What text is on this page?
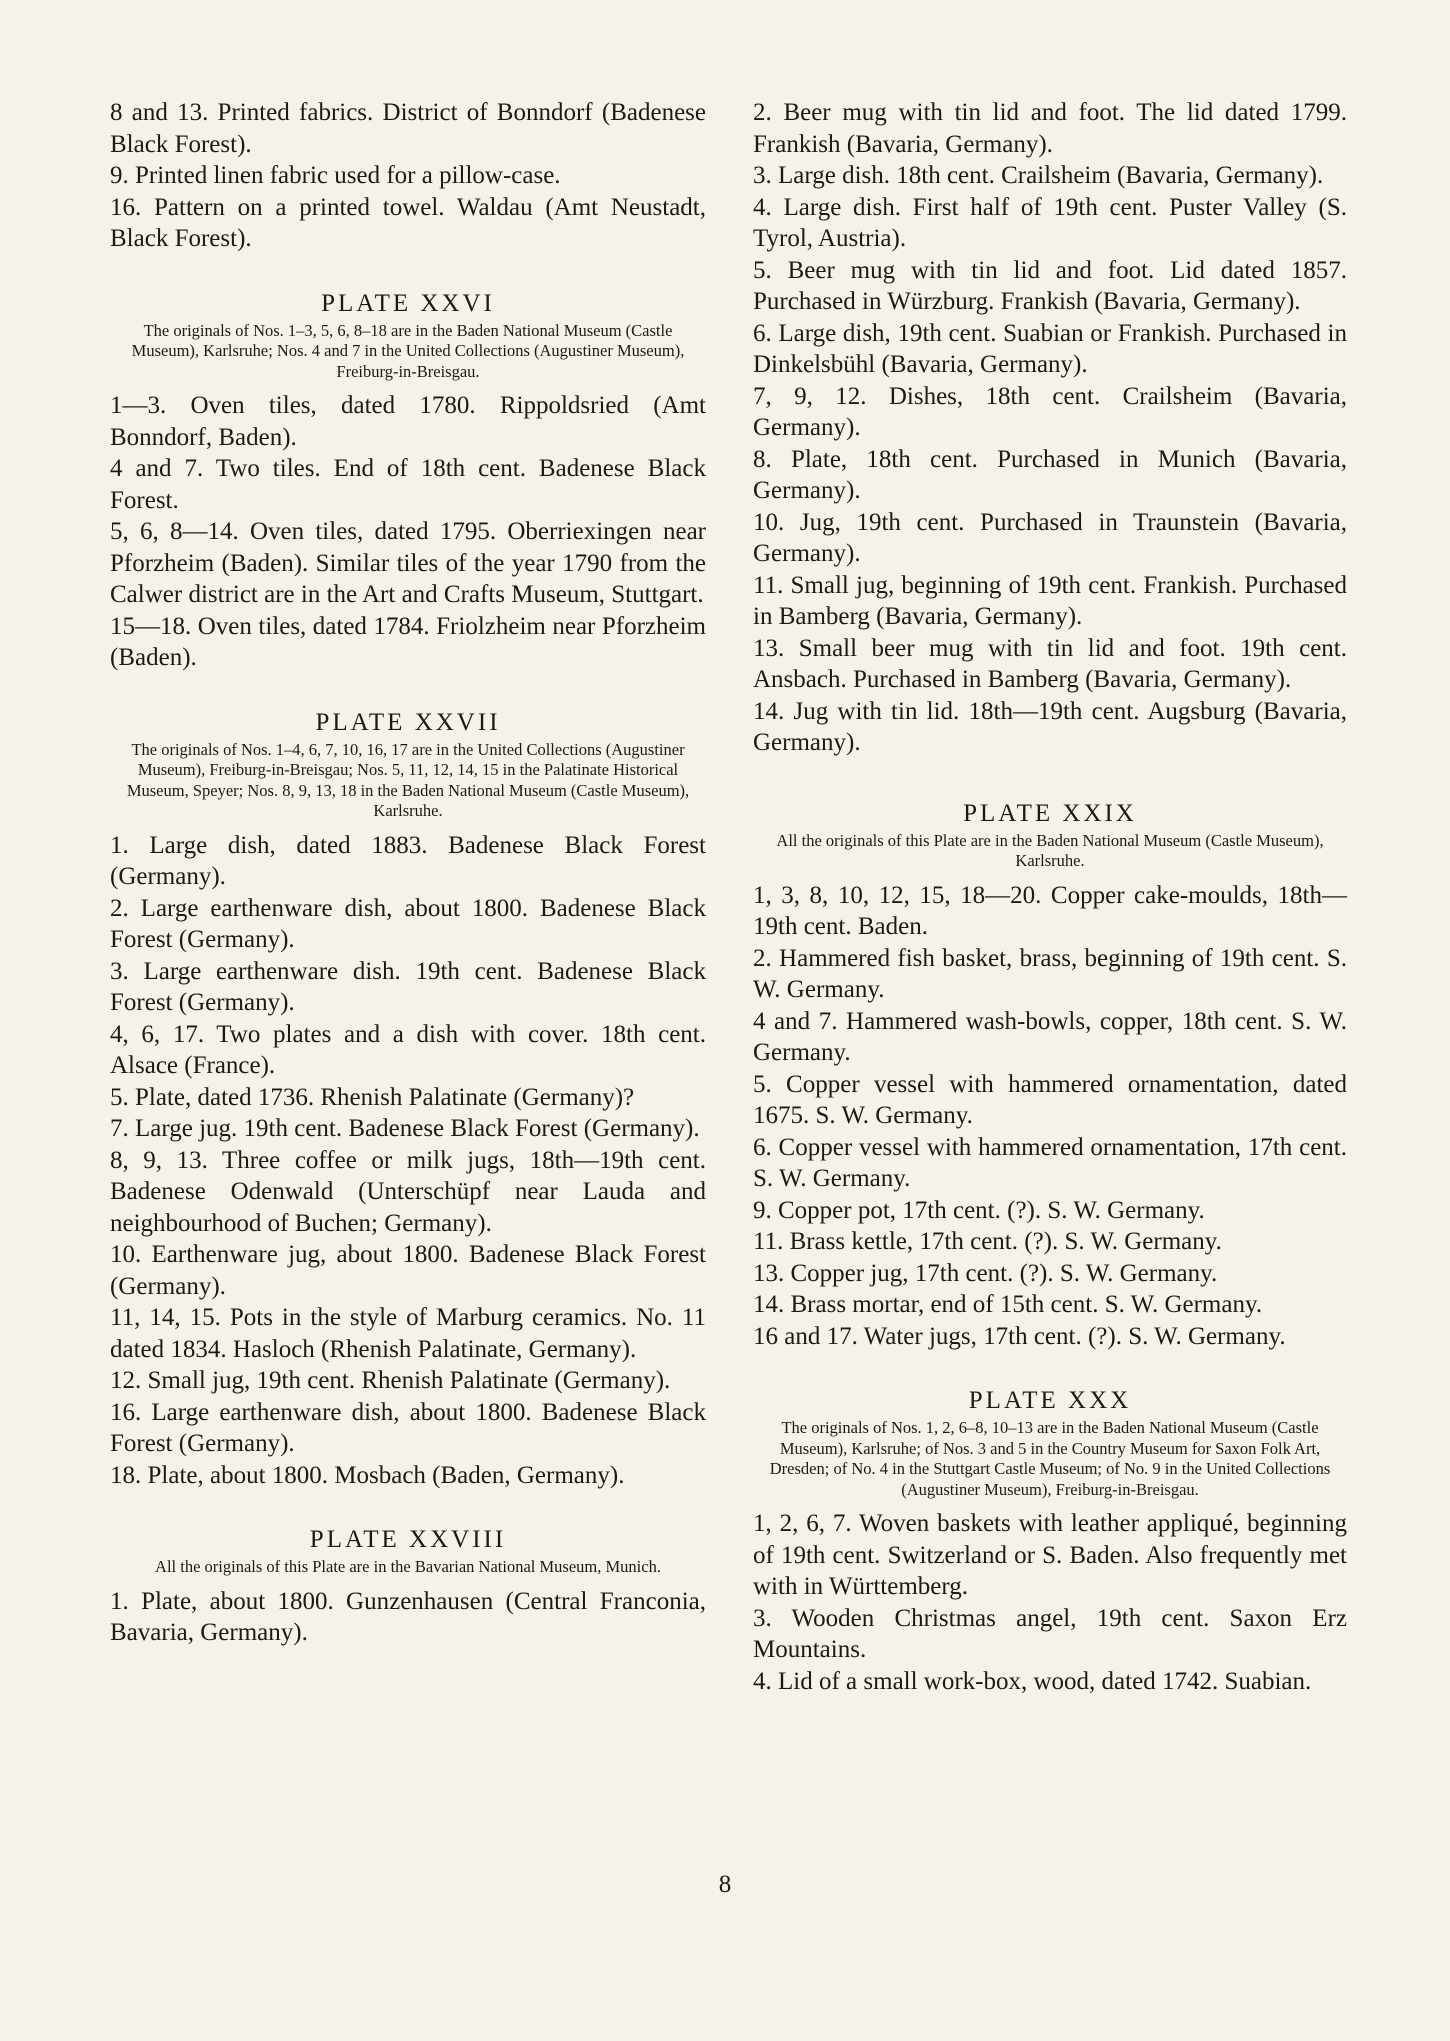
8 and 13. Printed fabrics. District of Bonndorf (Badenese Black Forest).

9. Printed linen fabric used for a pillow-case.

16. Pattern on a printed towel. Waldau (Amt Neustadt, Black Forest).

PLATE XXVI
The originals of Nos. 1–3, 5, 6, 8–18 are in the Baden National Museum (Castle Museum), Karlsruhe; Nos. 4 and 7 in the United Collections (Augustiner Museum), Freiburg-in-Breisgau.

1—3. Oven tiles, dated 1780. Rippoldsried (Amt Bonndorf, Baden).

4 and 7. Two tiles. End of 18th cent. Badenese Black Forest.

5, 6, 8—14. Oven tiles, dated 1795. Oberriexingen near Pforzheim (Baden). Similar tiles of the year 1790 from the Calwer district are in the Art and Crafts Museum, Stuttgart.

15—18. Oven tiles, dated 1784. Friolzheim near Pforzheim (Baden).

PLATE XXVII
The originals of Nos. 1–4, 6, 7, 10, 16, 17 are in the United Collections (Augustiner Museum), Freiburg-in-Breisgau; Nos. 5, 11, 12, 14, 15 in the Palatinate Historical Museum, Speyer; Nos. 8, 9, 13, 18 in the Baden National Museum (Castle Museum), Karlsruhe.

1. Large dish, dated 1883. Badenese Black Forest (Germany).

2. Large earthenware dish, about 1800. Badenese Black Forest (Germany).

3. Large earthenware dish. 19th cent. Badenese Black Forest (Germany).

4, 6, 17. Two plates and a dish with cover. 18th cent. Alsace (France).

5. Plate, dated 1736. Rhenish Palatinate (Germany)?

7. Large jug. 19th cent. Badenese Black Forest (Germany).

8, 9, 13. Three coffee or milk jugs, 18th—19th cent. Badenese Odenwald (Unterschüpf near Lauda and neighbourhood of Buchen; Germany).

10. Earthenware jug, about 1800. Badenese Black Forest (Germany).

11, 14, 15. Pots in the style of Marburg ceramics. No. 11 dated 1834. Hasloch (Rhenish Palatinate, Germany).

12. Small jug, 19th cent. Rhenish Palatinate (Germany).

16. Large earthenware dish, about 1800. Badenese Black Forest (Germany).

18. Plate, about 1800. Mosbach (Baden, Germany).

PLATE XXVIII
All the originals of this Plate are in the Bavarian National Museum, Munich.

1. Plate, about 1800. Gunzenhausen (Central Franconia, Bavaria, Germany).

2. Beer mug with tin lid and foot. The lid dated 1799. Frankish (Bavaria, Germany).

3. Large dish. 18th cent. Crailsheim (Bavaria, Germany).

4. Large dish. First half of 19th cent. Puster Valley (S. Tyrol, Austria).

5. Beer mug with tin lid and foot. Lid dated 1857. Purchased in Würzburg. Frankish (Bavaria, Germany).

6. Large dish, 19th cent. Suabian or Frankish. Purchased in Dinkelsbühl (Bavaria, Germany).

7, 9, 12. Dishes, 18th cent. Crailsheim (Bavaria, Germany).

8. Plate, 18th cent. Purchased in Munich (Bavaria, Germany).

10. Jug, 19th cent. Purchased in Traunstein (Bavaria, Germany).

11. Small jug, beginning of 19th cent. Frankish. Purchased in Bamberg (Bavaria, Germany).

13. Small beer mug with tin lid and foot. 19th cent. Ansbach. Purchased in Bamberg (Bavaria, Germany).

14. Jug with tin lid. 18th—19th cent. Augsburg (Bavaria, Germany).

PLATE XXIX
All the originals of this Plate are in the Baden National Museum (Castle Museum), Karlsruhe.

1, 3, 8, 10, 12, 15, 18—20. Copper cake-moulds, 18th—19th cent. Baden.

2. Hammered fish basket, brass, beginning of 19th cent. S. W. Germany.

4 and 7. Hammered wash-bowls, copper, 18th cent. S. W. Germany.

5. Copper vessel with hammered ornamentation, dated 1675. S. W. Germany.

6. Copper vessel with hammered ornamentation, 17th cent. S. W. Germany.

9. Copper pot, 17th cent. (?). S. W. Germany.

11. Brass kettle, 17th cent. (?). S. W. Germany.

13. Copper jug, 17th cent. (?). S. W. Germany.

14. Brass mortar, end of 15th cent. S. W. Germany.

16 and 17. Water jugs, 17th cent. (?). S. W. Germany.

PLATE XXX
The originals of Nos. 1, 2, 6–8, 10–13 are in the Baden National Museum (Castle Museum), Karlsruhe; of Nos. 3 and 5 in the Country Museum for Saxon Folk Art, Dresden; of No. 4 in the Stuttgart Castle Museum; of No. 9 in the United Collections (Augustiner Museum), Freiburg-in-Breisgau.

1, 2, 6, 7. Woven baskets with leather appliqué, beginning of 19th cent. Switzerland or S. Baden. Also frequently met with in Württemberg.

3. Wooden Christmas angel, 19th cent. Saxon Erz Mountains.

4. Lid of a small work-box, wood, dated 1742. Suabian.

8
